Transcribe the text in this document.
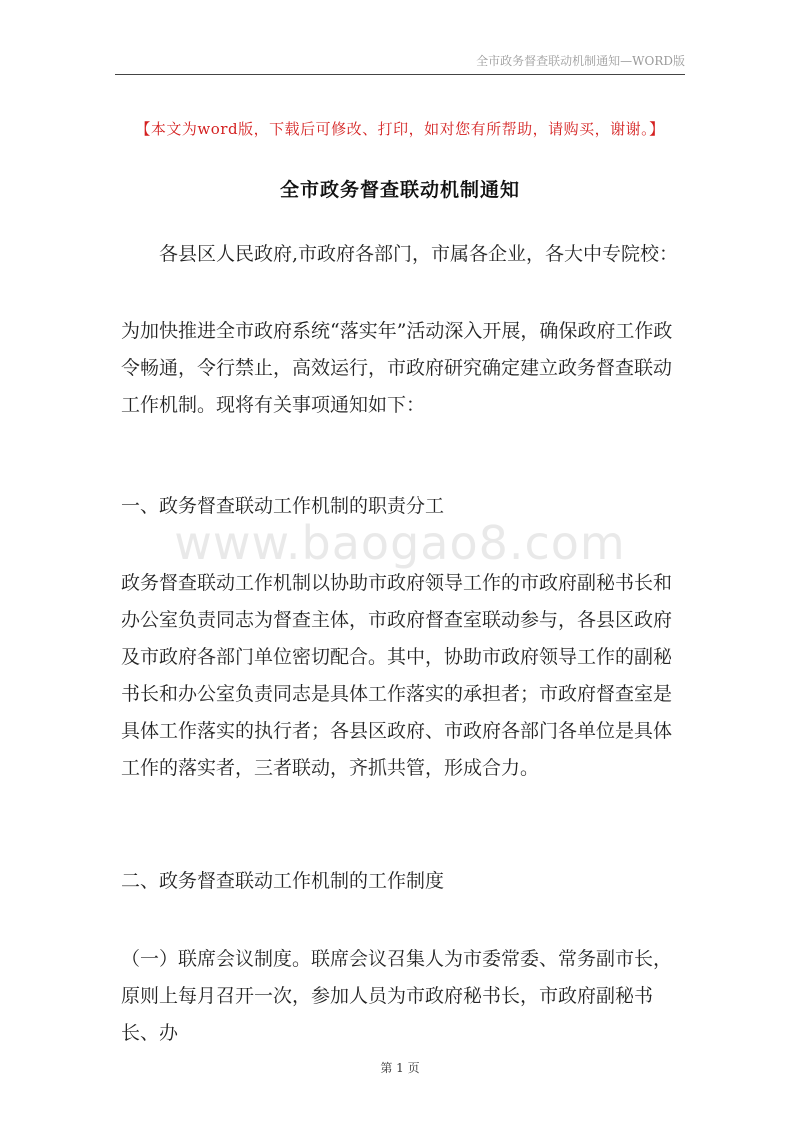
全市政务督查联动机制通知—WORD版
【本文为word版，下载后可修改、打印，如对您有所帮助，请购买，谢谢。】
全市政务督查联动机制通知

各县区人民政府,市政府各部门，市属各企业，各大中专院校：

为加快推进全市政府系统“落实年”活动深入开展，确保政府工作政令畅通，令行禁止，高效运行，市政府研究确定建立政务督查联动工作机制。现将有关事项通知如下：

一、政务督查联动工作机制的职责分工

www.baogao8.com

政务督查联动工作机制以协助市政府领导工作的市政府副秘书长和办公室负责同志为督查主体，市政府督查室联动参与，各县区政府及市政府各部门单位密切配合。其中，协助市政府领导工作的副秘书长和办公室负责同志是具体工作落实的承担者；市政府督查室是具体工作落实的执行者；各县区政府、市政府各部门各单位是具体工作的落实者，三者联动，齐抓共管，形成合力。

二、政务督查联动工作机制的工作制度

（一）联席会议制度。联席会议召集人为市委常委、常务副市长，原则上每月召开一次，参加人员为市政府秘书长，市政府副秘书长、办

第 1 页
